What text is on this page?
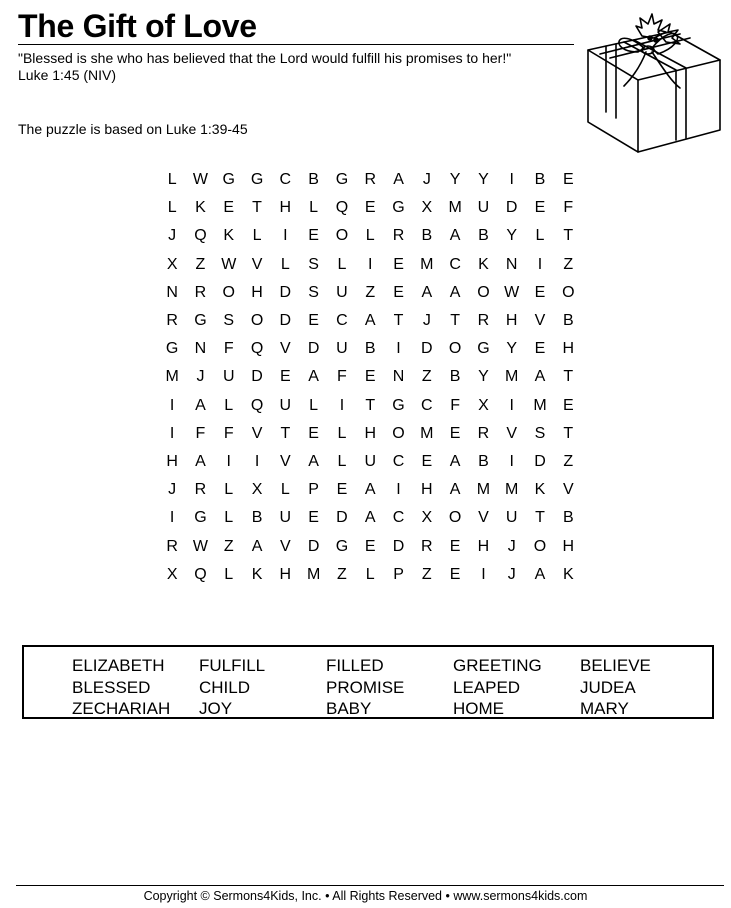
The Gift of Love
"Blessed is she who has believed that the Lord would fulfill his promises to her!"
Luke 1:45 (NIV)
The puzzle is based on Luke 1:39-45
L	W G G	C	B	G	R	A	J	Y	Y	I	B	E
L	K	E	T	H	L	Q	E	G	X	M U	D	E	F
J	Q	K	L	I	E	O	L	R	B	A	B	Y	L	T
X	Z W V	L	S	L	I	E	M C	K	N	I	Z
N	R	O	H	D	S	U	Z	E	A	A	O W E	O
R	G	S	O	D	E	C	A	T	J	T	R	H	V	B
G	N	F	Q	V	D	U	B	I	D	O G	Y	E	H
M	J	U	D	E	A	F	E	N	Z	B	Y	M	A	T
I	A	L	Q	U	L	I	T	G	C	F	X	I	M	E
I	F	F	V	T	E	L	H	O M	E	R	V	S	T
H	A	I	I	V	A	L	U	C	E	A	B	I	D	Z
J	R	L	X	L	P	E	A	I	H	A	M M	K	V
I	G	L	B	U	E	D	A	C	X	O	V	U	T	B
R W Z	A	V	D	G	E	D	R	E	H	J	O	H
X	Q	L	K	H M	Z	L	P	Z	E	I	J	A	K
ELIZABETH	FULFILL	FILLED	GREETING	BELIEVE
BLESSED	CHILD	PROMISE	LEAPED	JUDEA
ZECHARIAH	JOY	BABY	HOME	MARY
Copyright © Sermons4Kids, Inc. • All Rights Reserved • www.sermons4kids.com
